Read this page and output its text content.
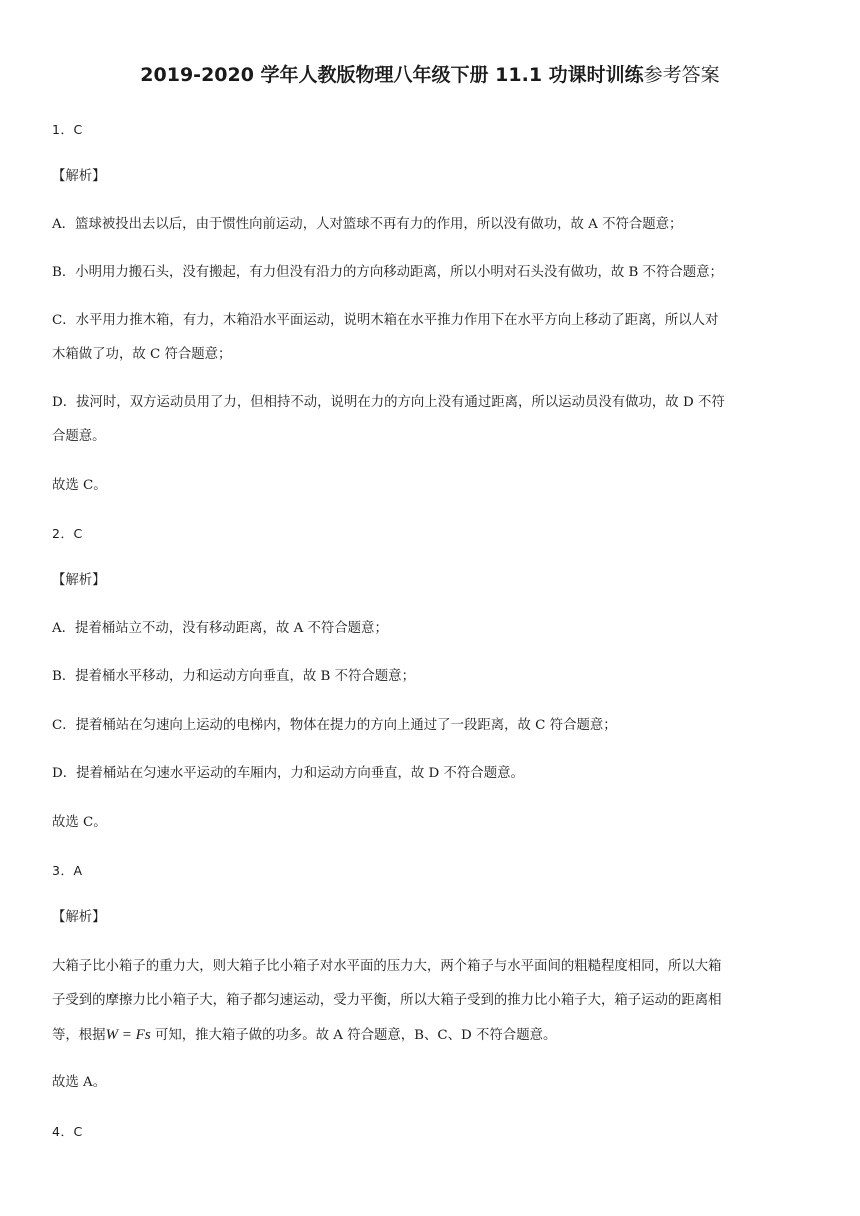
2019-2020 学年人教版物理八年级下册 11.1 功课时训练参考答案
1．C
【解析】
A．篮球被投出去以后，由于惯性向前运动，人对篮球不再有力的作用，所以没有做功，故 A 不符合题意；
B．小明用力搬石头，没有搬起，有力但没有沿力的方向移动距离，所以小明对石头没有做功，故 B 不符合题意；
C．水平用力推木箱，有力，木箱沿水平面运动，说明木箱在水平推力作用下在水平方向上移动了距离，所以人对
木箱做了功，故 C 符合题意；
D．拔河时，双方运动员用了力，但相持不动，说明在力的方向上没有通过距离，所以运动员没有做功，故 D 不符
合题意。
故选 C。
2．C
【解析】
A．提着桶站立不动，没有移动距离，故 A 不符合题意；
B．提着桶水平移动，力和运动方向垂直，故 B 不符合题意；
C．提着桶站在匀速向上运动的电梯内，物体在提力的方向上通过了一段距离，故 C 符合题意；
D．提着桶站在匀速水平运动的车厢内，力和运动方向垂直，故 D 不符合题意。
故选 C。
3．A
【解析】
大箱子比小箱子的重力大，则大箱子比小箱子对水平面的压力大，两个箱子与水平面间的粗糙程度相同，所以大箱
子受到的摩擦力比小箱子大，箱子都匀速运动，受力平衡，所以大箱子受到的推力比小箱子大，箱子运动的距离相
等，根据W = Fs 可知，推大箱子做的功多。故 A 符合题意，B、C、D 不符合题意。
故选 A。
4．C
